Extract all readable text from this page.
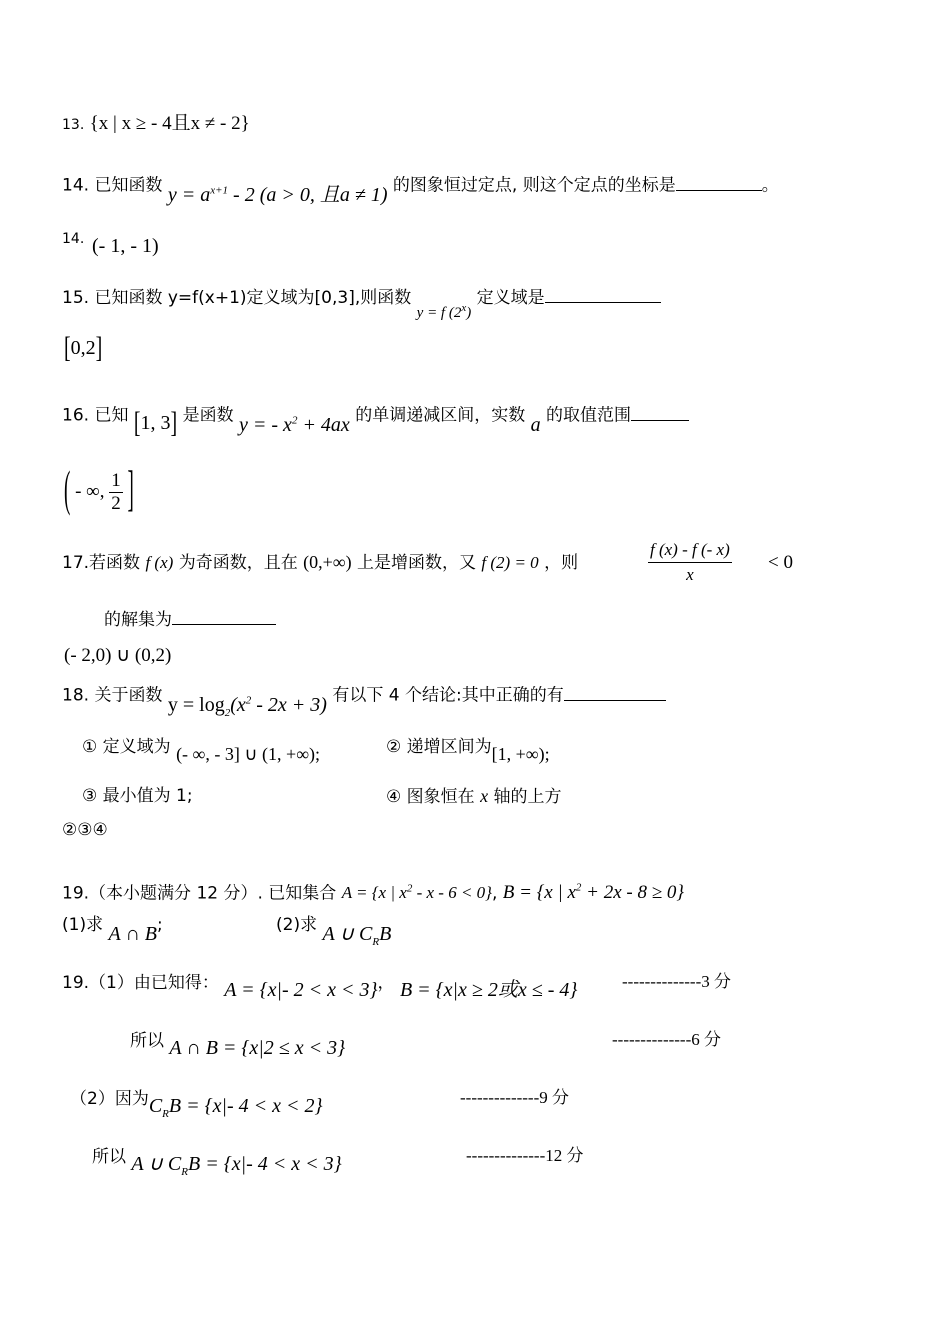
13. {x | x ≥ - 4且x ≠ - 2}
14. 已知函数 $y = a^{x+1} - 2$ (a > 0, 且a ≠ 1) 的图象恒过定点, 则这个定点的坐标是	。
14. (- 1, - 1)
15. 已知函数 y=f(x+1)定义域为[0,3],则函数 y = f (2$^x$) 定义域是
[0,2]
16. 已知 [1, 3] 是函数 y = - $x^2 + 4ax$ 的单调递减区间，实数 a 的取值范围
( - ∞, $\frac{1}{2}$ ]
17.若函数 f (x) 为奇函数，且在 (0,+∞) 上是增函数，又 f (2) = 0 ，则	$\frac{f (x) - f (- x)}{x} < 0$
的解集为
(- 2,0) ∪ (0,2)
18. 关于函数 $y = \log_2(x^2 - 2x + 3)$ 有以下 4 个结论:其中正确的有
① 定义域为 (- ∞, - 3] ∪ (1, +∞);	② 递增区间为[1, +∞);
③ 最小值为 1;	④ 图象恒在 x 轴的上方
②③④
19.（本小题满分 12 分）. 已知集合 A = {x | $x^2 - x - 6 < 0$}, B = {x | $x^2 + 2x - 8 \ge 0$}
(1)求 A ∩ B;	(2)求 A ∪ $C_RB$
19.（1）由已知得： A = {x|- 2 < x < 3}， B = {x|x ≥ 2或x ≤ - 4}	--------------3 分
所以 A ∩ B = {x|2 ≤ x < 3}	--------------6 分
（2）因为$C_RB = \{x|-$ 4 < x < 2}	--------------9 分
所以 A ∪ $C_RB = \{x|-$ 4 < x < 3}	--------------12 分
